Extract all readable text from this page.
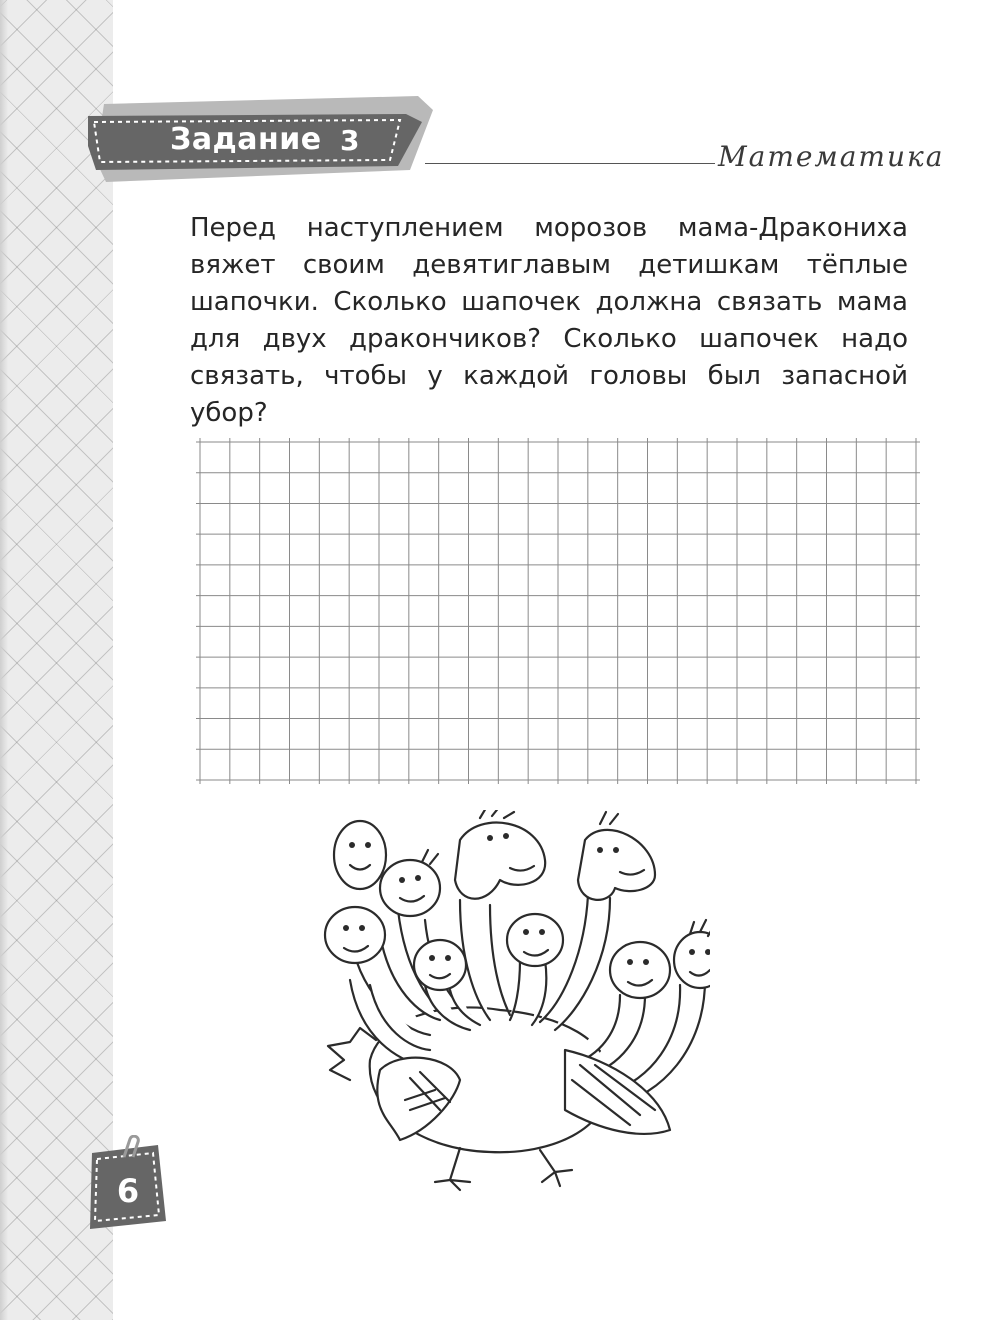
Задание 3	Математика

Перед наступлением морозов мама-Дракониха вяжет своим девятиглавым детишкам тёплые шапочки. Сколько шапочек должна связать мама для двух дракончиков? Сколько шапочек надо связать, чтобы у каждой головы был запасной убор?

6
